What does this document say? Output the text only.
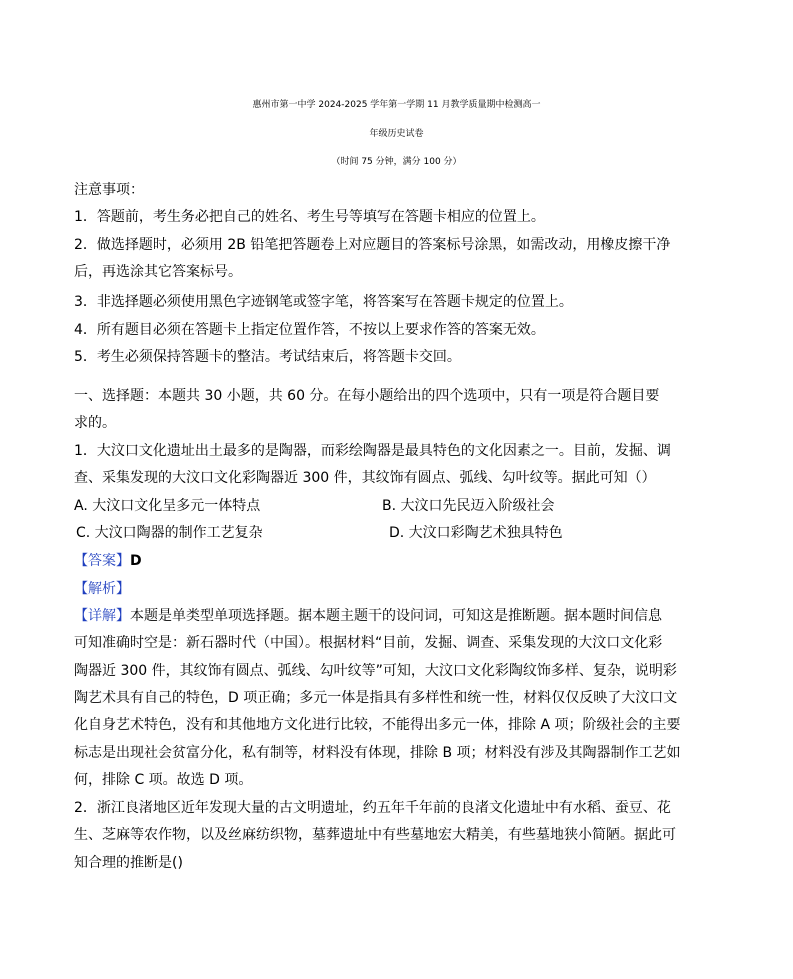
惠州市第一中学 2024-2025 学年第一学期 11 月教学质量期中检测高一
年级历史试卷
（时间 75 分钟，满分 100 分）
注意事项：
1．答题前，考生务必把自己的姓名、考生号等填写在答题卡相应的位置上。
2．做选择题时，必须用 2B 铅笔把答题卷上对应题目的答案标号涂黑，如需改动，用橡皮擦干净
后，再选涂其它答案标号。
3．非选择题必须使用黑色字迹钢笔或签字笔，将答案写在答题卡规定的位置上。
4．所有题目必须在答题卡上指定位置作答，不按以上要求作答的答案无效。
5．考生必须保持答题卡的整洁。考试结束后，将答题卡交回。
一、选择题：本题共 30 小题，共 60 分。在每小题给出的四个选项中，只有一项是符合题目要
求的。
1．大汶口文化遗址出土最多的是陶器，而彩绘陶器是最具特色的文化因素之一。目前，发掘、调
查、采集发现的大汶口文化彩陶器近 300 件，其纹饰有圆点、弧线、勾叶纹等。据此可知（）
A. 大汶口文化呈多元一体特点	B. 大汶口先民迈入阶级社会
C. 大汶口陶器的制作工艺复杂	D. 大汶口彩陶艺术独具特色
【答案】D
【解析】
【详解】本题是单类型单项选择题。据本题主题干的设问词，可知这是推断题。据本题时间信息
可知准确时空是：新石器时代（中国）。根据材料“目前，发掘、调查、采集发现的大汶口文化彩
陶器近 300 件，其纹饰有圆点、弧线、勾叶纹等”可知，大汶口文化彩陶纹饰多样、复杂，说明彩
陶艺术具有自己的特色，D 项正确；多元一体是指具有多样性和统一性，材料仅仅反映了大汶口文
化自身艺术特色，没有和其他地方文化进行比较，不能得出多元一体，排除 A 项；阶级社会的主要
标志是出现社会贫富分化，私有制等，材料没有体现，排除 B 项；材料没有涉及其陶器制作工艺如
何，排除 C 项。故选 D 项。
2．浙江良渚地区近年发现大量的古文明遗址，约五年千年前的良渚文化遗址中有水稻、蚕豆、花
生、芝麻等农作物，以及丝麻纺织物，墓葬遗址中有些墓地宏大精美，有些墓地狭小简陋。据此可
知合理的推断是()
